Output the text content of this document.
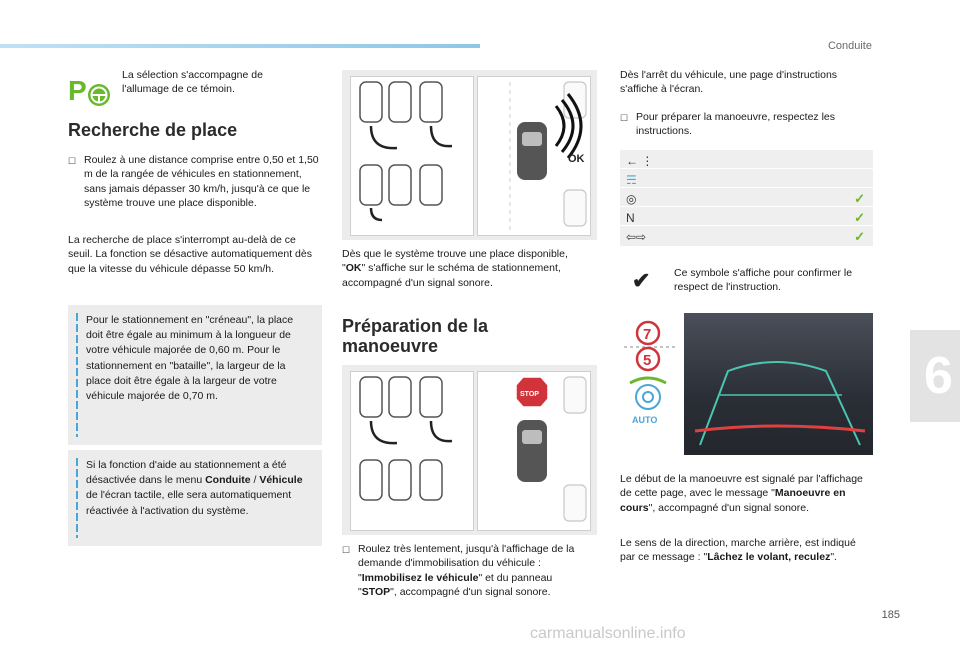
Conduite
P	La sélection s'accompagne de l'allumage de ce témoin.

Recherche de place
☐ Roulez à une distance comprise entre 0,50 et 1,50 m de la rangée de véhicules en stationnement, sans jamais dépasser 30 km/h, jusqu'à ce que le système trouve une place disponible.

La recherche de place s'interrompt au-delà de ce seuil. La fonction se désactive automatiquement dès que la vitesse du véhicule dépasse 50 km/h.

Pour le stationnement en "créneau", la place doit être égale au minimum à la longueur de votre véhicule majorée de 0,60 m. Pour le stationnement en "bataille", la largeur de la place doit être égale à la largeur de votre véhicule majorée de 0,70 m.
Si la fonction d'aide au stationnement a été désactivée dans le menu Conduite / Véhicule de l'écran tactile, elle sera automatiquement réactivée à l'activation du système.
OK

Dès que le système trouve une place disponible, "OK" s'affiche sur le schéma de stationnement, accompagné d'un signal sonore.

Préparation de la manoeuvre
STOP
☐ Roulez très lentement, jusqu'à l'affichage de la demande d'immobilisation du véhicule : "Immobilisez le véhicule" et du panneau "STOP", accompagné d'un signal sonore.

Dès l'arrêt du véhicule, une page d'instructions s'affiche à l'écran.

☐ Pour préparer la manoeuvre, respectez les instructions.
← ⋮
☴
◎	✓
N	✓
⇦⇨	✓
✔ Ce symbole s'affiche pour confirmer le respect de l'instruction.

7
5
AUTO

Le début de la manoeuvre est signalé par l'affichage de cette page, avec le message "Manoeuvre en cours", accompagné d'un signal sonore.

Le sens de la direction, marche arrière, est indiqué par ce message : "Lâchez le volant, reculez".

6
185
carmanualsonline.info
